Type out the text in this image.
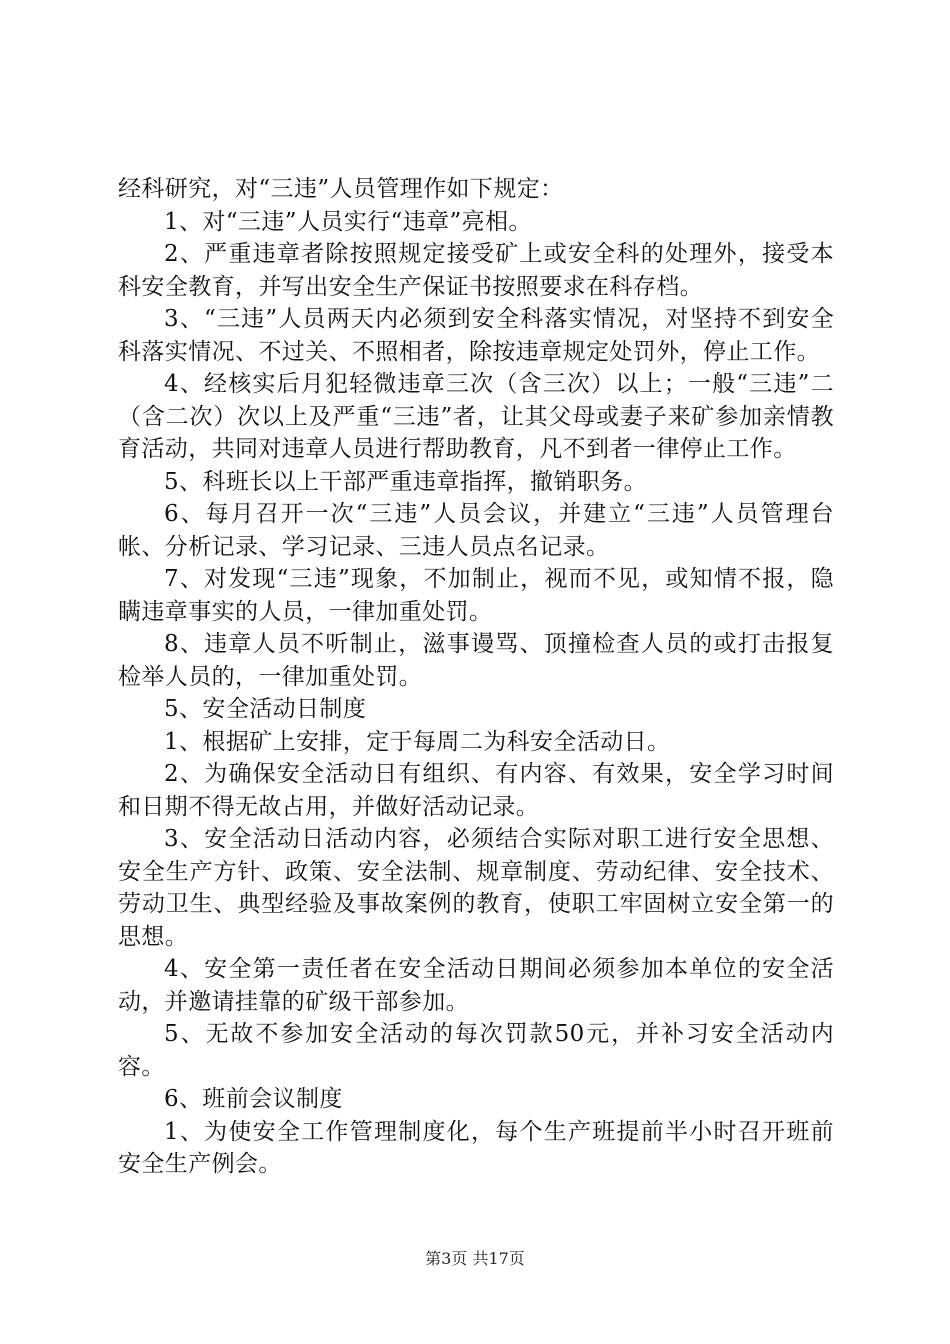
经科研究，对“三违”人员管理作如下规定：

1、对“三违”人员实行“违章”亮相。

2、严重违章者除按照规定接受矿上或安全科的处理外，接受本科安全教育，并写出安全生产保证书按照要求在科存档。

3、“三违”人员两天内必须到安全科落实情况，对坚持不到安全科落实情况、不过关、不照相者，除按违章规定处罚外，停止工作。

4、经核实后月犯轻微违章三次（含三次）以上；一般“三违”二（含二次）次以上及严重“三违”者，让其父母或妻子来矿参加亲情教育活动，共同对违章人员进行帮助教育，凡不到者一律停止工作。

5、科班长以上干部严重违章指挥，撤销职务。

6、每月召开一次“三违”人员会议，并建立“三违”人员管理台帐、分析记录、学习记录、三违人员点名记录。

7、对发现“三违”现象，不加制止，视而不见，或知情不报，隐瞒违章事实的人员，一律加重处罚。

8、违章人员不听制止，滋事谩骂、顶撞检查人员的或打击报复检举人员的，一律加重处罚。

5、安全活动日制度

1、根据矿上安排，定于每周二为科安全活动日。

2、为确保安全活动日有组织、有内容、有效果，安全学习时间和日期不得无故占用，并做好活动记录。

3、安全活动日活动内容，必须结合实际对职工进行安全思想、安全生产方针、政策、安全法制、规章制度、劳动纪律、安全技术、劳动卫生、典型经验及事故案例的教育，使职工牢固树立安全第一的思想。

4、安全第一责任者在安全活动日期间必须参加本单位的安全活动，并邀请挂靠的矿级干部参加。

5、无故不参加安全活动的每次罚款50元，并补习安全活动内容。

6、班前会议制度

1、为使安全工作管理制度化，每个生产班提前半小时召开班前安全生产例会。

第3页 共17页
